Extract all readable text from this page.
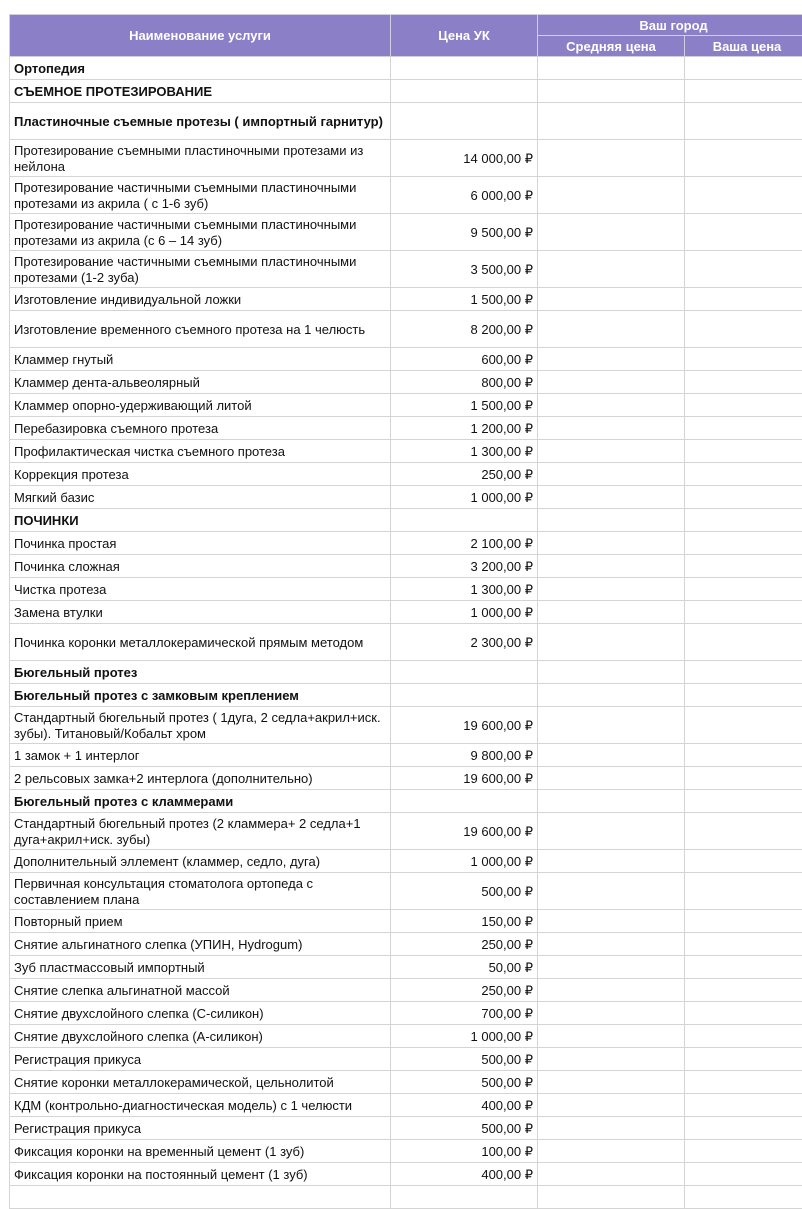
Наименование услуги	Цена УК	Ваш город	
		Средняя цена	Ваша цена
Ортопедия			
СЪЕМНОЕ ПРОТЕЗИРОВАНИЕ			
Пластиночные съемные протезы ( импортный гарнитур)			
Протезирование съемными пластиночными протезами из нейлона	14 000,00 ₽		
Протезирование частичными съемными пластиночными протезами из акрила ( с 1-6 зуб)	6 000,00 ₽		
Протезирование частичными съемными пластиночными протезами из акрила (с 6 – 14 зуб)	9 500,00 ₽		
Протезирование частичными съемными пластиночными протезами (1-2 зуба)	3 500,00 ₽		
Изготовление индивидуальной ложки	1 500,00 ₽		
Изготовление временного съемного протеза на 1 челюсть	8 200,00 ₽		
Кламмер гнутый	600,00 ₽		
Кламмер дента-альвеолярный	800,00 ₽		
Кламмер опорно-удерживающий литой	1 500,00 ₽		
Перебазировка съемного протеза	1 200,00 ₽		
Профилактическая чистка съемного протеза	1 300,00 ₽		
Коррекция протеза	250,00 ₽		
Мягкий базис	1 000,00 ₽		
ПОЧИНКИ			
Починка простая	2 100,00 ₽		
Починка сложная	3 200,00 ₽		
Чистка протеза	1 300,00 ₽		
Замена втулки	1 000,00 ₽		
Починка коронки металлокерамической прямым методом	2 300,00 ₽		
Бюгельный протез			
Бюгельный протез с замковым креплением			
Стандартный бюгельный протез ( 1дуга, 2 седла+акрил+иск. зубы). Титановый/Кобальт хром	19 600,00 ₽		
1 замок + 1 интерлог	9 800,00 ₽		
2 рельсовых замка+2 интерлога (дополнительно)	19 600,00 ₽		
Бюгельный протез с кламмерами			
Стандартный бюгельный протез (2 кламмера+ 2 седла+1 дуга+акрил+иск. зубы)	19 600,00 ₽		
Дополнительный эллемент (кламмер, седло, дуга)	1 000,00 ₽		
Первичная консультация стоматолога ортопеда с составлением плана	500,00 ₽		
Повторный прием	150,00 ₽		
Снятие альгинатного слепка (УПИН, Hydrogum)	250,00 ₽		
Зуб пластмассовый импортный	50,00 ₽		
Снятие слепка альгинатной массой	250,00 ₽		
Снятие двухслойного слепка (С-силикон)	700,00 ₽		
Снятие двухслойного слепка (А-силикон)	1 000,00 ₽		
Регистрация прикуса	500,00 ₽		
Снятие коронки металлокерамической, цельнолитой	500,00 ₽		
КДМ (контрольно-диагностическая модель) с 1 челюсти	400,00 ₽		
Регистрация прикуса	500,00 ₽		
Фиксация коронки на временный цемент (1 зуб)	100,00 ₽		
Фиксация коронки на постоянный цемент (1 зуб)	400,00 ₽		
